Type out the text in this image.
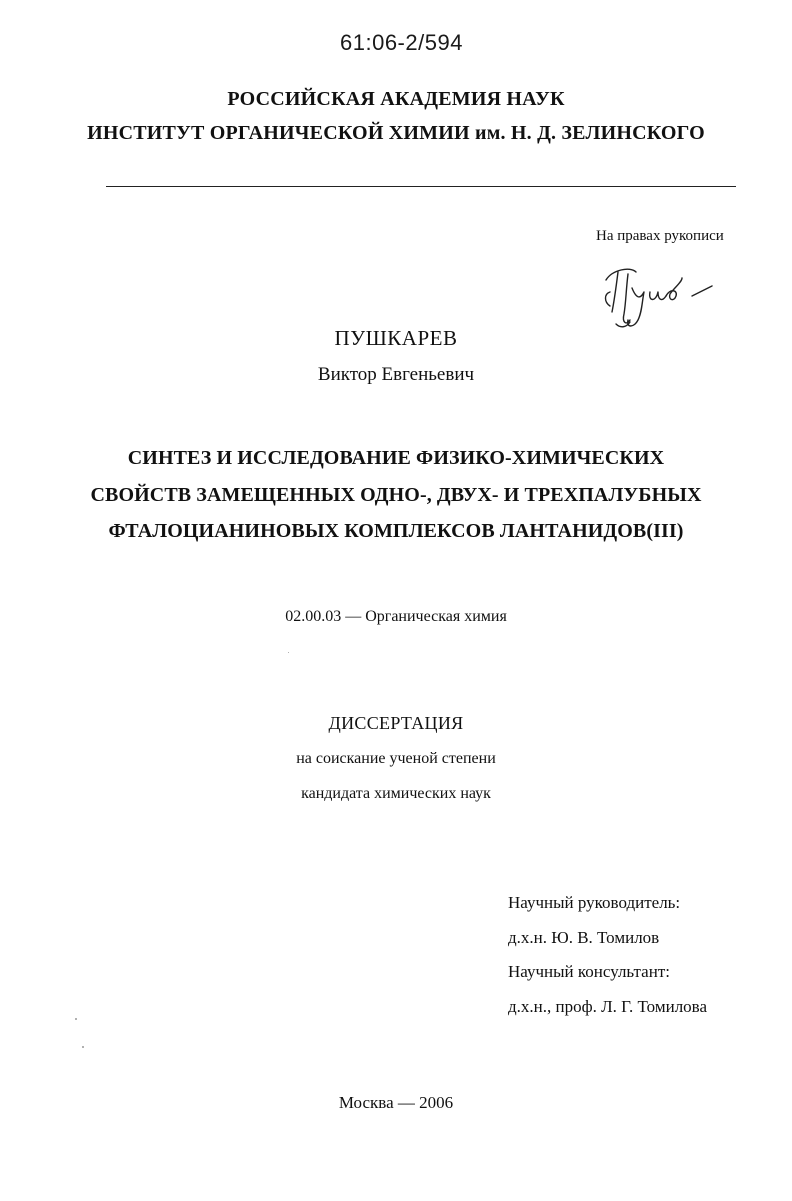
61:06-2/594
РОССИЙСКАЯ АКАДЕМИЯ НАУК
ИНСТИТУТ ОРГАНИЧЕСКОЙ ХИМИИ им. Н. Д. ЗЕЛИНСКОГО
На правах рукописи
ПУШКАРЕВ
Виктор Евгеньевич
СИНТЕЗ И ИССЛЕДОВАНИЕ ФИЗИКО-ХИМИЧЕСКИХ
СВОЙСТВ ЗАМЕЩЕННЫХ ОДНО-, ДВУХ- И ТРЕХПАЛУБНЫХ
ФТАЛОЦИАНИНОВЫХ КОМПЛЕКСОВ ЛАНТАНИДОВ(III)
02.00.03 — Органическая химия
ДИССЕРТАЦИЯ
на соискание ученой степени
кандидата химических наук
Научный руководитель:
д.х.н. Ю. В. Томилов
Научный консультант:
д.х.н., проф. Л. Г. Томилова
Москва — 2006
